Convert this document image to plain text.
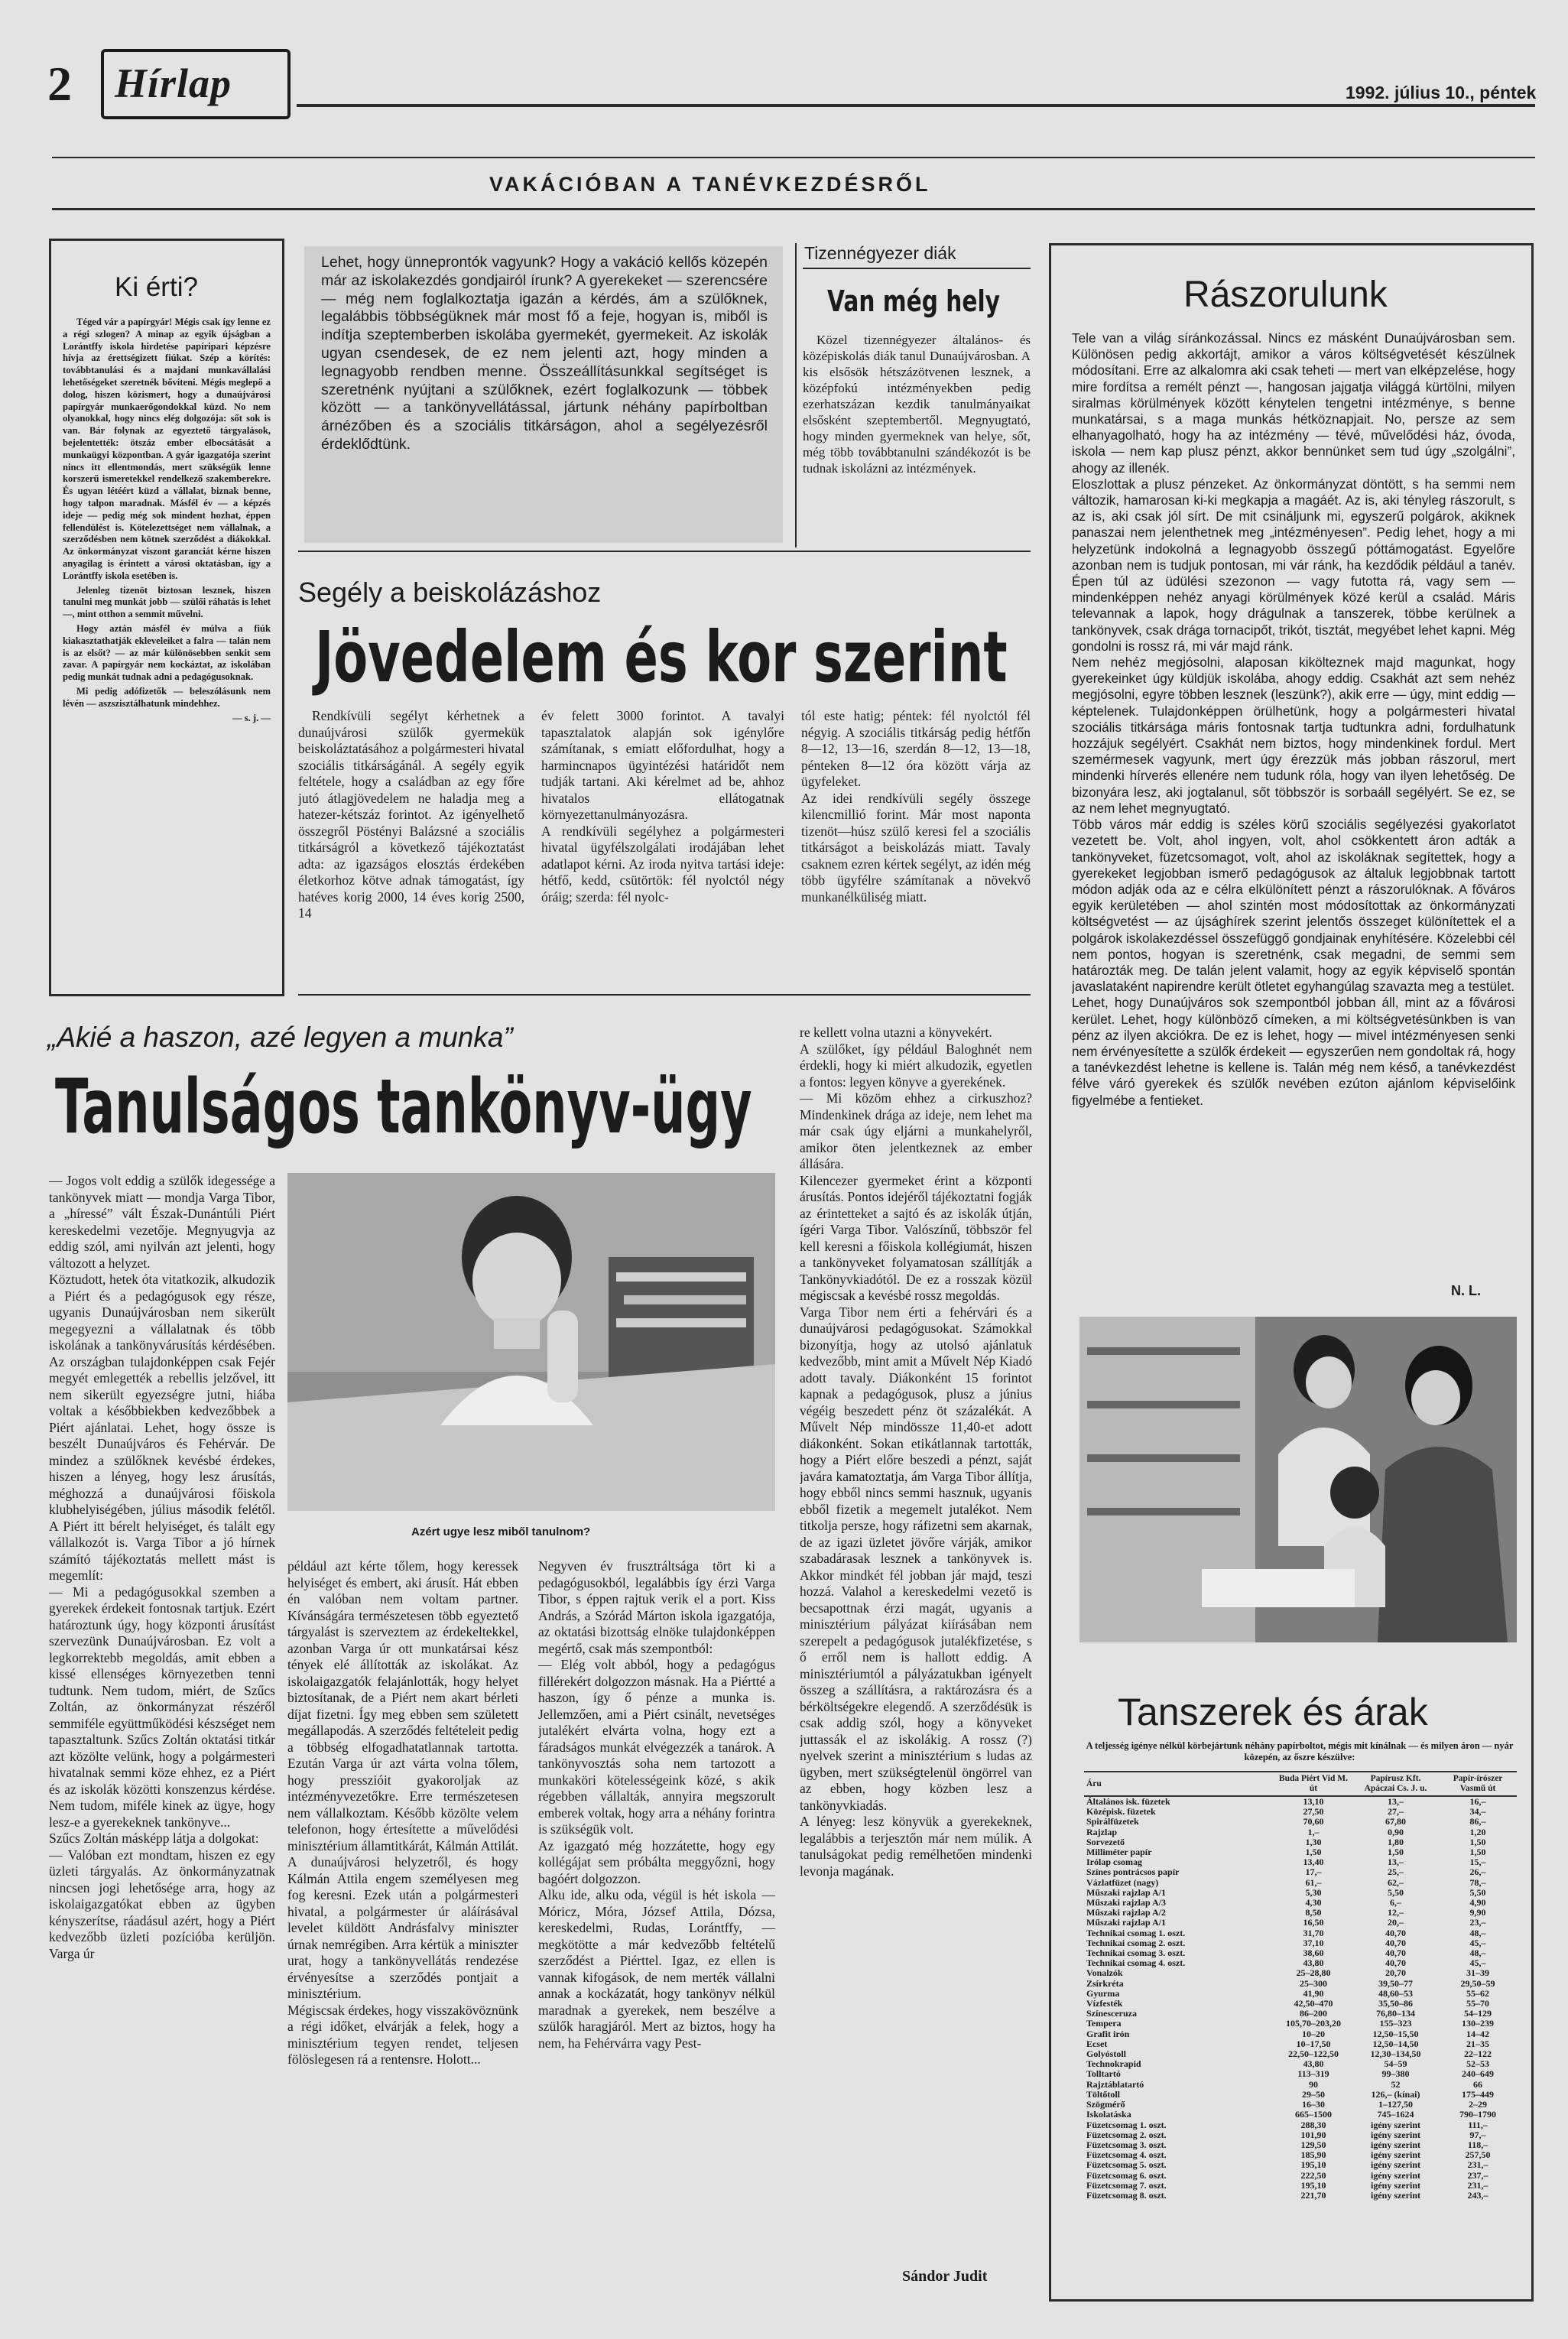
2 Hírlap	1992. július 10., péntek
VAKÁCIÓBAN A TANÉVKEZDÉSRŐL
Ki érti?

Téged vár a papírgyár! Mégis csak így lenne ez a régi szlogen? A minap az egyik újságban a Lorántffy iskola hirdetése papíripari képzésre hívja az érettségizett fiúkat. Szép a körítés: továbbtanulási és a majdani munkavállalási lehetőségeket szeretnék bővíteni. Mégis meglepő a dolog, hiszen közismert, hogy a dunaújvárosi papírgyár munkaerőgondokkal küzd. No nem olyanokkal, hogy nincs elég dolgozója: sőt sok is van. Bár folynak az egyeztető tárgyalások, bejelentették: ötszáz ember elbocsátását a munkaügyi központban. A gyár igazgatója szerint nincs itt ellentmondás, mert szükségük lenne korszerű ismeretekkel rendelkező szakemberekre. És ugyan létéért küzd a vállalat, biznak benne, hogy talpon maradnak. Másfél év — a képzés ideje — pedig még sok mindent hozhat, éppen fellendülést is. Kötelezettséget nem vállalnak, a szerződésben nem kötnek szerződést a diákokkal. Az önkormányzat viszont garanciát kérne hiszen anyagilag is érintett a városi oktatásban, így a Lorántffy iskola esetében is.

Jelenleg tizenöt biztosan lesznek, hiszen tanulni meg munkát jobb — szülői ráhatás is lehet —, mint otthon a semmit művelni.

Hogy aztán másfél év múlva a fiúk kiakasztathatják ekleveleiket a falra — talán nem is az elsőt? — az már különösebben senkit sem zavar. A papírgyár nem kockáztat, az iskolában pedig munkát tudnak adni a pedagógusoknak.

Mi pedig adófizetők — beleszólásunk nem lévén — aszszisztálhatunk mindehhez.

— s. j. —

Lehet, hogy ünneprontók vagyunk? Hogy a vakáció kellős közepén már az iskolakezdés gondjairól írunk? A gyerekeket — szerencsére — még nem foglalkoztatja igazán a kérdés, ám a szülőknek, legalábbis többségüknek már most fő a feje, hogyan is, miből is indítja szeptemberben iskolába gyermekét, gyermekeit. Az iskolák ugyan csendesek, de ez nem jelenti azt, hogy minden a legnagyobb rendben menne. Összeállításunkkal segítséget is szeretnénk nyújtani a szülőknek, ezért foglalkozunk — többek között — a tankönyvellátással, jártunk néhány papírboltban árnézőben és a szociális titkárságon, ahol a segélyezésről érdeklődtünk.
Tizennégyezer diák
Van még hely
Közel tizennégyezer általános- és középiskolás diák tanul Dunaújvárosban. A kis elsősök hétszázötvenen lesznek, a középfokú intézményekben pedig ezerhatszázan kezdik tanulmányaikat elsősként szeptembertől. Megnyugtató, hogy minden gyermeknek van helye, sőt, még több továbbtanulni szándékozót is be tudnak iskolázni az intézmények.
Segély a beiskolázáshoz
Jövedelem és kor szerint
Rendkívüli segélyt kérhetnek a dunaújvárosi szülők gyermekük beiskoláztatásához a polgármesteri hivatal szociális titkárságánál. A segély egyik feltétele, hogy a családban az egy főre jutó átlagjövedelem ne haladja meg a hatezer-kétszáz forintot. Az igényelhető összegről Pöstényi Balázsné a szociális titkárságról a következő tájékoztatást adta: az igazságos elosztás érdekében életkorhoz kötve adnak támogatást, így hatéves korig 2000, 14 éves korig 2500, 14
év felett 3000 forintot. A tavalyi tapasztalatok alapján sok igénylőre számítanak, s emiatt előfordulhat, hogy a harmincnapos ügyintézési határidőt nem tudják tartani. Aki kérelmet ad be, ahhoz hivatalos ellátogatnak környezettanulmányozásra.
A rendkívüli segélyhez a polgármesteri hivatal ügyfélszolgálati irodájában lehet adatlapot kérni. Az iroda nyitva tartási ideje: hétfő, kedd, csütörtök: fél nyolctól négy óráig; szerda: fél nyolc-
tól este hatig; péntek: fél nyolctól fél négyig. A szociális titkárság pedig hétfőn 8—12, 13—16, szerdán 8—12, 13—18, pénteken 8—12 óra között várja az ügyfeleket.
Az idei rendkívüli segély összege kilencmillió forint. Már most naponta tizenöt—húsz szülő keresi fel a szociális titkárságot a beiskolázás miatt. Tavaly csaknem ezren kértek segélyt, az idén még több ügyfélre számítanak a növekvő munkanélküliség miatt.
„Akié a haszon, azé legyen a munka”
Tanulságos tankönyv-ügy
Azért ugye lesz miből tanulnom?
— Jogos volt eddig a szülők idegessége a tankönyvek miatt — mondja Varga Tibor, a „híressé” vált Észak-Dunántúli Piért kereskedelmi vezetője. Megnyugvja az eddig szól, ami nyilván azt jelenti, hogy változott a helyzet.
Köztudott, hetek óta vitatkozik, alkudozik a Piért és a pedagógusok egy része, ugyanis Dunaújvárosban nem sikerült megegyezni a vállalatnak és több iskolának a tankönyvárusítás kérdésében. Az országban tulajdonképpen csak Fejér megyét emlegették a rebellis jelzővel, itt nem sikerült egyezségre jutni, hiába voltak a későbbiekben kedvezőbbek a Piért ajánlatai. Lehet, hogy össze is beszélt Dunaújváros és Fehérvár. De mindez a szülőknek kevésbé érdekes, hiszen a lényeg, hogy lesz árusítás, méghozzá a dunaújvárosi főiskola klubhelyiségében, július második felétől. A Piért itt bérelt helyiséget, és talált egy vállalkozót is. Varga Tibor a jó hírnek számító tájékoztatás mellett mást is megemlít:
— Mi a pedagógusokkal szemben a gyerekek érdekeit fontosnak tartjuk. Ezért határoztunk úgy, hogy központi árusítást szervezünk Dunaújvárosban. Ez volt a legkorrektebb megoldás, amit ebben a kissé ellenséges környezetben tenni tudtunk. Nem tudom, miért, de Szűcs Zoltán, az önkormányzat részéről semmiféle együttműködési készséget nem tapasztaltunk. Szűcs Zoltán oktatási titkár azt közölte velünk, hogy a polgármesteri hivatalnak semmi köze ehhez, ez a Piért és az iskolák közötti konszenzus kérdése. Nem tudom, miféle kinek az ügye, hogy lesz-e a gyerekeknek tankönyve...
Szűcs Zoltán másképp látja a dolgokat:
— Valóban ezt mondtam, hiszen ez egy üzleti tárgyalás. Az önkormányzatnak nincsen jogi lehetősége arra, hogy az iskolaigazgatókat ebben az ügyben kényszerítse, ráadásul azért, hogy a Piért kedvezőbb üzleti pozícióba kerüljön. Varga úr
például azt kérte tőlem, hogy keressek helyiséget és embert, aki árusít. Hát ebben én valóban nem voltam partner. Kívánságára természetesen több egyeztető tárgyalást is szerveztem az érdekeltekkel, azonban Varga úr ott munkatársai kész tények elé állították az iskolákat. Az iskolaigazgatók felajánlották, hogy helyet biztosítanak, de a Piért nem akart bérleti díjat fizetni. Így meg ebben sem született megállapodás. A szerződés feltételeit pedig a többség elfogadhatatlannak tartotta. Ezután Varga úr azt várta volna tőlem, hogy presszióit gyakoroljak az intézményvezetőkre. Erre természetesen nem vállalkoztam. Később közölte velem telefonon, hogy értesítette a művelődési minisztérium államtitkárát, Kálmán Attilát. A dunaújvárosi helyzetről, és hogy Kálmán Attila engem személyesen meg fog keresni. Ezek után a polgármesteri hivatal, a polgármester úr aláírásával levelet küldött Andrásfalvy miniszter úrnak nemrégiben. Arra kértük a miniszter urat, hogy a tankönyvellátás rendezése érvényesítse a szerződés pontjait a minisztérium.
Mégiscsak érdekes, hogy visszakövöznünk a régi időket, elvárják a felek, hogy a minisztérium tegyen rendet, teljesen fölöslegesen rá a rentensre. Holott...
Negyven év frusztráltsága tört ki a pedagógusokból, legalábbis így érzi Varga Tibor, s éppen rajtuk verik el a port. Kiss András, a Szórád Márton iskola igazgatója, az oktatási bizottság elnöke tulajdonképpen megértő, csak más szempontból:
— Elég volt abból, hogy a pedagógus fillérekért dolgozzon másnak. Ha a Piértté a haszon, így ő pénze a munka is. Jellemzően, ami a Piért csinált, nevetséges jutalékért elvárta volna, hogy ezt a fáradságos munkát elvégezzék a tanárok. A tankönyvosztás soha nem tartozott a munkaköri kötelességeink közé, s akik régebben vállalták, annyira megszorult emberek voltak, hogy arra a néhány forintra is szükségük volt.
Az igazgató még hozzátette, hogy egy kollégájat sem próbálta meggyőzni, hogy bagóért dolgozzon.
Alku ide, alku oda, végül is hét iskola — Móricz, Móra, József Attila, Dózsa, kereskedelmi, Rudas, Lorántffy, — megkötötte a már kedvezőbb feltételű szerződést a Piérttel. Igaz, ez ellen is vannak kifogások, de nem merték vállalni annak a kockázatát, hogy tankönyv nélkül maradnak a gyerekek, nem beszélve a szülők haragjáról. Mert az biztos, hogy ha nem, ha Fehérvárra vagy Pest-
re kellett volna utazni a könyvekért.
A szülőket, így például Baloghnét nem érdekli, hogy ki miért alkudozik, egyetlen a fontos: legyen könyve a gyerekének.
— Mi közöm ehhez a cirkuszhoz? Mindenkinek drága az ideje, nem lehet ma már csak úgy eljárni a munkahelyről, amikor öten jelentkeznek az ember állására.
Kilencezer gyermeket érint a központi árusítás. Pontos idejéről tájékoztatni fogják az érintetteket a sajtó és az iskolák útján, ígéri Varga Tibor. Valószínű, többször fel kell keresni a főiskola kollégiumát, hiszen a tankönyveket folyamatosan szállítják a Tankönyvkiadótól. De ez a rosszak közül mégiscsak a kevésbé rossz megoldás.
Varga Tibor nem érti a fehérvári és a dunaújvárosi pedagógusokat. Számokkal bizonyítja, hogy az utolsó ajánlatuk kedvezőbb, mint amit a Művelt Nép Kiadó adott tavaly. Diákonként 15 forintot kapnak a pedagógusok, plusz a június végéig beszedett pénz öt százalékát. A Művelt Nép mindössze 11,40-et adott diákonként. Sokan etikátlannak tartották, hogy a Piért előre beszedi a pénzt, saját javára kamatoztatja, ám Varga Tibor állítja, hogy ebből nincs semmi hasznuk, ugyanis ebből fizetik a megemelt jutalékot. Nem titkolja persze, hogy ráfizetni sem akarnak, de az igazi üzletet jövőre várják, amikor szabadárasak lesznek a tankönyvek is. Akkor mindkét fél jobban jár majd, teszi hozzá. Valahol a kereskedelmi vezető is becsapottnak érzi magát, ugyanis a minisztérium pályázat kiírásában nem szerepelt a pedagógusok jutalékfizetése, s ő erről nem is hallott eddig. A minisztériumtól a pályázatukban igényelt összeg a szállításra, a raktározásra és a bérköltségekre elegendő. A szerződésük is csak addig szól, hogy a könyveket juttassák el az iskolákig. A rossz (?) nyelvek szerint a minisztérium s ludas az ügyben, mert szükségtelenül öngörrel van az ebben, hogy közben lesz a tankönyvkiadás.
A lényeg: lesz könyvük a gyerekeknek, legalábbis a terjesztőn már nem múlik. A tanulságokat pedig remélhetően mindenki levonja magának.
Sándor Judit
Rászorulunk
Tele van a világ síránkozással. Nincs ez másként Dunaújvárosban sem. Különösen pedig akkortájt, amikor a város költségvetését készülnek módosítani. Erre az alkalomra aki csak teheti — mert van elképzelése, hogy mire fordítsa a remélt pénzt —, hangosan jajgatja világgá kürtölni, milyen siralmas körülmények között kénytelen tengetni intézménye, s benne munkatársai, s a maga munkás hétköznapjait. No, persze az sem elhanyagolható, hogy ha az intézmény — tévé, művelődési ház, óvoda, iskola — nem kap plusz pénzt, akkor bennünket sem tud úgy „szolgálni”, ahogy az illenék.
Eloszlottak a plusz pénzeket. Az önkormányzat döntött, s ha semmi nem változik, hamarosan ki-ki megkapja a magáét. Az is, aki tényleg rászorult, s az is, aki csak jól sírt. De mit csináljunk mi, egyszerű polgárok, akiknek panaszai nem jelenthetnek meg „intézményesen”. Pedig lehet, hogy a mi helyzetünk indokolná a legnagyobb összegű póttámogatást. Egyelőre azonban nem is tudjuk pontosan, mi vár ránk, ha kezdődik például a tanév. Épen túl az üdülési szezonon — vagy futotta rá, vagy sem — mindenképpen nehéz anyagi körülmények közé kerül a család. Máris televannak a lapok, hogy drágulnak a tanszerek, többe kerülnek a tankönyvek, csak drága tornacipőt, trikót, tisztát, megyébet lehet kapni. Még gondolni is rossz rá, mi vár majd ránk.
Nem nehéz megjósolni, alaposan kikölteznek majd magunkat, hogy gyerekeinket úgy küldjük iskolába, ahogy eddig. Csakhát azt sem nehéz megjósolni, egyre többen lesznek (leszünk?), akik erre — úgy, mint eddig — képtelenek. Tulajdonképpen örülhetünk, hogy a polgármesteri hivatal szociális titkársága máris fontosnak tartja tudtunkra adni, fordulhatunk hozzájuk segélyért. Csakhát nem biztos, hogy mindenkinek fordul. Mert szemérmesek vagyunk, mert úgy érezzük más jobban rászorul, mert mindenki hírverés ellenére nem tudunk róla, hogy van ilyen lehetőség. De bizonyára lesz, aki jogtalanul, sőt többször is sorbaáll segélyért. Se ez, se az nem lehet megnyugtató.
Több város már eddig is széles körű szociális segélyezési gyakorlatot vezetett be. Volt, ahol ingyen, volt, ahol csökkentett áron adták a tankönyveket, füzetcsomagot, volt, ahol az iskoláknak segítettek, hogy a gyerekeket legjobban ismerő pedagógusok az általuk legjobbnak tartott módon adják oda az e célra elkülönített pénzt a rászorulóknak. A főváros egyik kerületében — ahol szintén most módosítottak az önkormányzati költségvetést — az újsághírek szerint jelentős összeget különítettek el a polgárok iskolakezdéssel összefüggő gondjainak enyhítésére. Közelebbi cél nem pontos, hogyan is szeretnénk, csak megadni, de semmi sem határozták meg. De talán jelent valamit, hogy az egyik képviselő spontán javaslataként napirendre került ötletet egyhangúlag szavazta meg a testület.
Lehet, hogy Dunaújváros sok szempontból jobban áll, mint az a fővárosi kerület. Lehet, hogy különböző címeken, a mi költségvetésünkben is van pénz az ilyen akciókra. De ez is lehet, hogy — mivel intézményesen senki nem érvényesítette a szülők érdekeit — egyszerűen nem gondoltak rá, hogy a tanévkezdést lehetne is kellene is. Talán még nem késő, a tanévkezdést félve váró gyerekek és szülők nevében ezúton ajánlom képviselőink figyelmébe a fentieket.
N. L.
Tanszerek és árak
A teljesség igénye nélkül körbejártunk néhány papírboltot, mégis mit kínálnak — és milyen áron — nyár közepén, az őszre készülve:
Áru	Buda Piért Vid M. út	Papírusz Kft. Apáczai Cs. J. u.	Papír-írószer Vasmű út
Általános isk. füzetek	13,10	13,–	16,–
Középisk. füzetek	27,50	27,–	34,–
Spirálfüzetek	70,60	67,80	86,–
Rajzlap	1,–	0,90	1,20
Sorvezető	1,30	1,80	1,50
Milliméter papír	1,50	1,50	1,50
Irólap csomag	13,40	13,–	15,–
Színes pontrácsos papír	17,–	25,–	26,–
Vázlatfüzet (nagy)	61,–	62,–	78,–
Műszaki rajzlap A/1	5,30	5,50	5,50
Műszaki rajzlap A/3	4,30	6,–	4,90
Műszaki rajzlap A/2	8,50	12,–	9,90
Műszaki rajzlap A/1	16,50	20,–	23,–
Technikai csomag 1. oszt.	31,70	40,70	48,–
Technikai csomag 2. oszt.	37,10	40,70	45,–
Technikai csomag 3. oszt.	38,60	40,70	48,–
Technikai csomag 4. oszt.	43,80	40,70	45,–
Vonalzók	25–28,80	20,70	31–39
Zsírkréta	25–300	39,50–77	29,50–59
Gyurma	41,90	48,60–53	55–62
Vízfesték	42,50–470	35,50–86	55–70
Színesceruza	86–200	76,80–134	54–129
Tempera	105,70–203,20	155–323	130–239
Grafit irón	10–20	12,50–15,50	14–42
Ecset	10–17,50	12,50–14,50	21–35
Golyóstoll	22,50–122,50	12,30–134,50	22–122
Technokrapid	43,80	54–59	52–53
Tolltartó	113–319	99–380	240–649
Rajztáblatartó	90	52	66
Töltőtoll	29–50	126,– (kínai)	175–449
Szögmérő	16–30	1–127,50	2–29
Iskolatáska	665–1500	745–1624	790–1790
Füzetcsomag 1. oszt.	288,30	igény szerint	111,–
Füzetcsomag 2. oszt.	101,90	igény szerint	97,–
Füzetcsomag 3. oszt.	129,50	igény szerint	118,–
Füzetcsomag 4. oszt.	185,90	igény szerint	257,50
Füzetcsomag 5. oszt.	195,10	igény szerint	231,–
Füzetcsomag 6. oszt.	222,50	igény szerint	237,–
Füzetcsomag 7. oszt.	195,10	igény szerint	231,–
Füzetcsomag 8. oszt.	221,70	igény szerint	243,–
